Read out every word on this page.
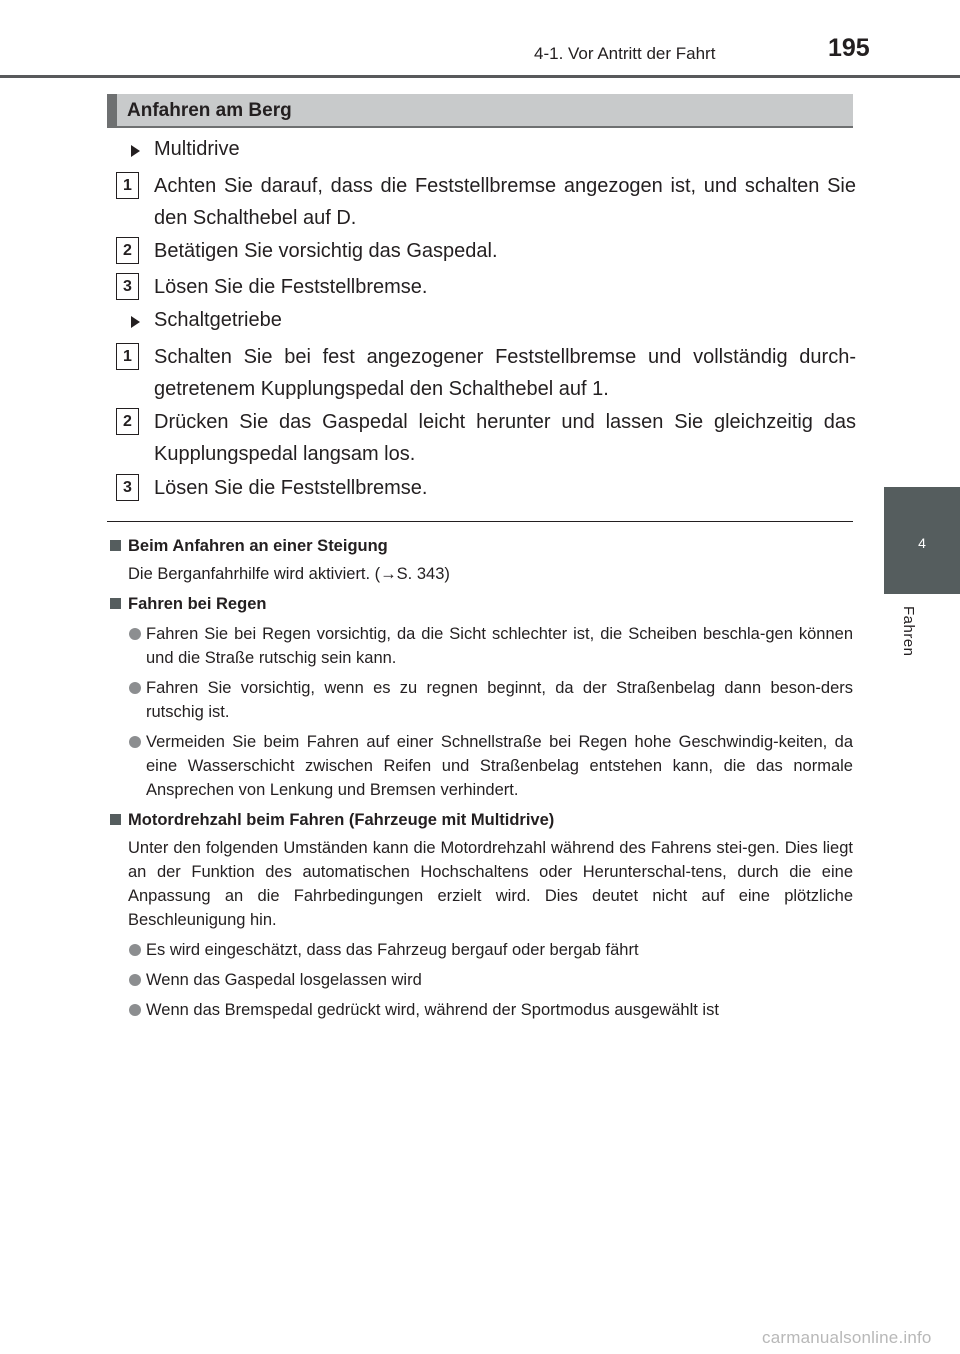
4-1. Vor Antritt der Fahrt	195
4
Fahren
Anfahren am Berg
Multidrive
1	Achten Sie darauf, dass die Feststellbremse angezogen ist, und schalten Sie den Schalthebel auf D.
2	Betätigen Sie vorsichtig das Gaspedal.
3	Lösen Sie die Feststellbremse.
Schaltgetriebe
1	Schalten Sie bei fest angezogener Feststellbremse und vollständig durch-getretenem Kupplungspedal den Schalthebel auf 1.
2	Drücken Sie das Gaspedal leicht herunter und lassen Sie gleichzeitig das Kupplungspedal langsam los.
3	Lösen Sie die Feststellbremse.
Beim Anfahren an einer Steigung
Die Berganfahrhilfe wird aktiviert. (→S. 343)
Fahren bei Regen
Fahren Sie bei Regen vorsichtig, da die Sicht schlechter ist, die Scheiben beschla-gen können und die Straße rutschig sein kann.
Fahren Sie vorsichtig, wenn es zu regnen beginnt, da der Straßenbelag dann beson-ders rutschig ist.
Vermeiden Sie beim Fahren auf einer Schnellstraße bei Regen hohe Geschwindig-keiten, da eine Wasserschicht zwischen Reifen und Straßenbelag entstehen kann, die das normale Ansprechen von Lenkung und Bremsen verhindert.
Motordrehzahl beim Fahren (Fahrzeuge mit Multidrive)
Unter den folgenden Umständen kann die Motordrehzahl während des Fahrens stei-gen. Dies liegt an der Funktion des automatischen Hochschaltens oder Herunterschal-tens, durch die eine Anpassung an die Fahrbedingungen erzielt wird. Dies deutet nicht auf eine plötzliche Beschleunigung hin.
Es wird eingeschätzt, dass das Fahrzeug bergauf oder bergab fährt
Wenn das Gaspedal losgelassen wird
Wenn das Bremspedal gedrückt wird, während der Sportmodus ausgewählt ist
carmanualsonline.info
